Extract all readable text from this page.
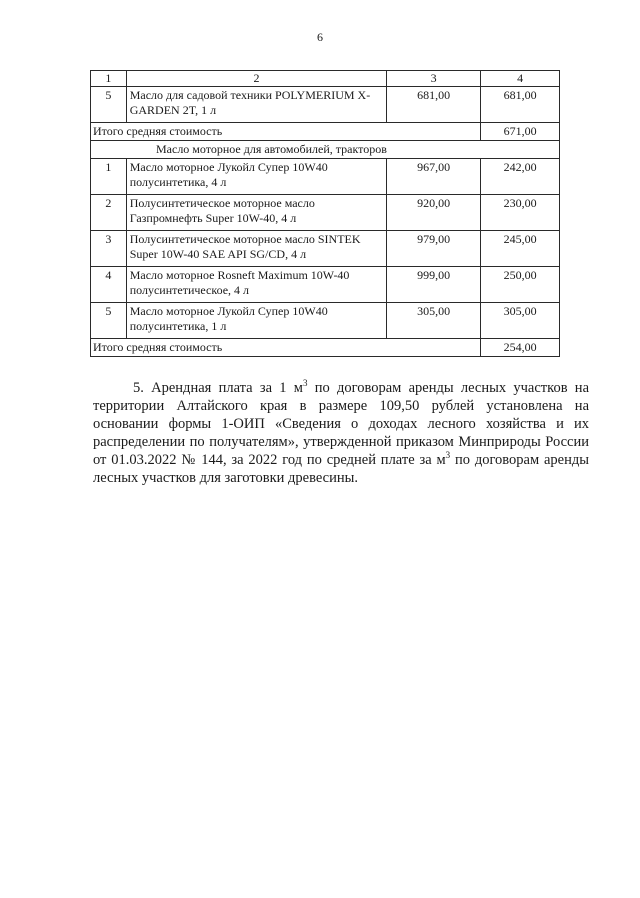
6
1	2	3	4
5	Масло для садовой техники POLYMERIUM X-GARDEN 2T, 1 л	681,00	681,00
Итого средняя стоимость			671,00
Масло моторное для автомобилей, тракторов			
1	Масло моторное Лукойл Супер 10W40 полусинтетика, 4 л	967,00	242,00
2	Полусинтетическое моторное масло Газпромнефть Super 10W-40, 4 л	920,00	230,00
3	Полусинтетическое моторное масло SINTEK Super 10W-40 SAE API SG/CD, 4 л	979,00	245,00
4	Масло моторное Rosneft Maximum 10W-40 полусинтетическое, 4 л	999,00	250,00
5	Масло моторное Лукойл Супер 10W40 полусинтетика, 1 л	305,00	305,00
Итого средняя стоимость			254,00

5. Арендная плата за 1 $м^3$ по договорам аренды лесных участков на территории Алтайского края в размере 109,50 рублей установлена на основании формы 1-ОИП «Сведения о доходах лесного хозяйства и их распределении по получателям», утвержденной приказом Минприроды России от 01.03.2022 № 144, за 2022 год по средней плате за $м^3$ по договорам аренды лесных участков для заготовки древесины.
